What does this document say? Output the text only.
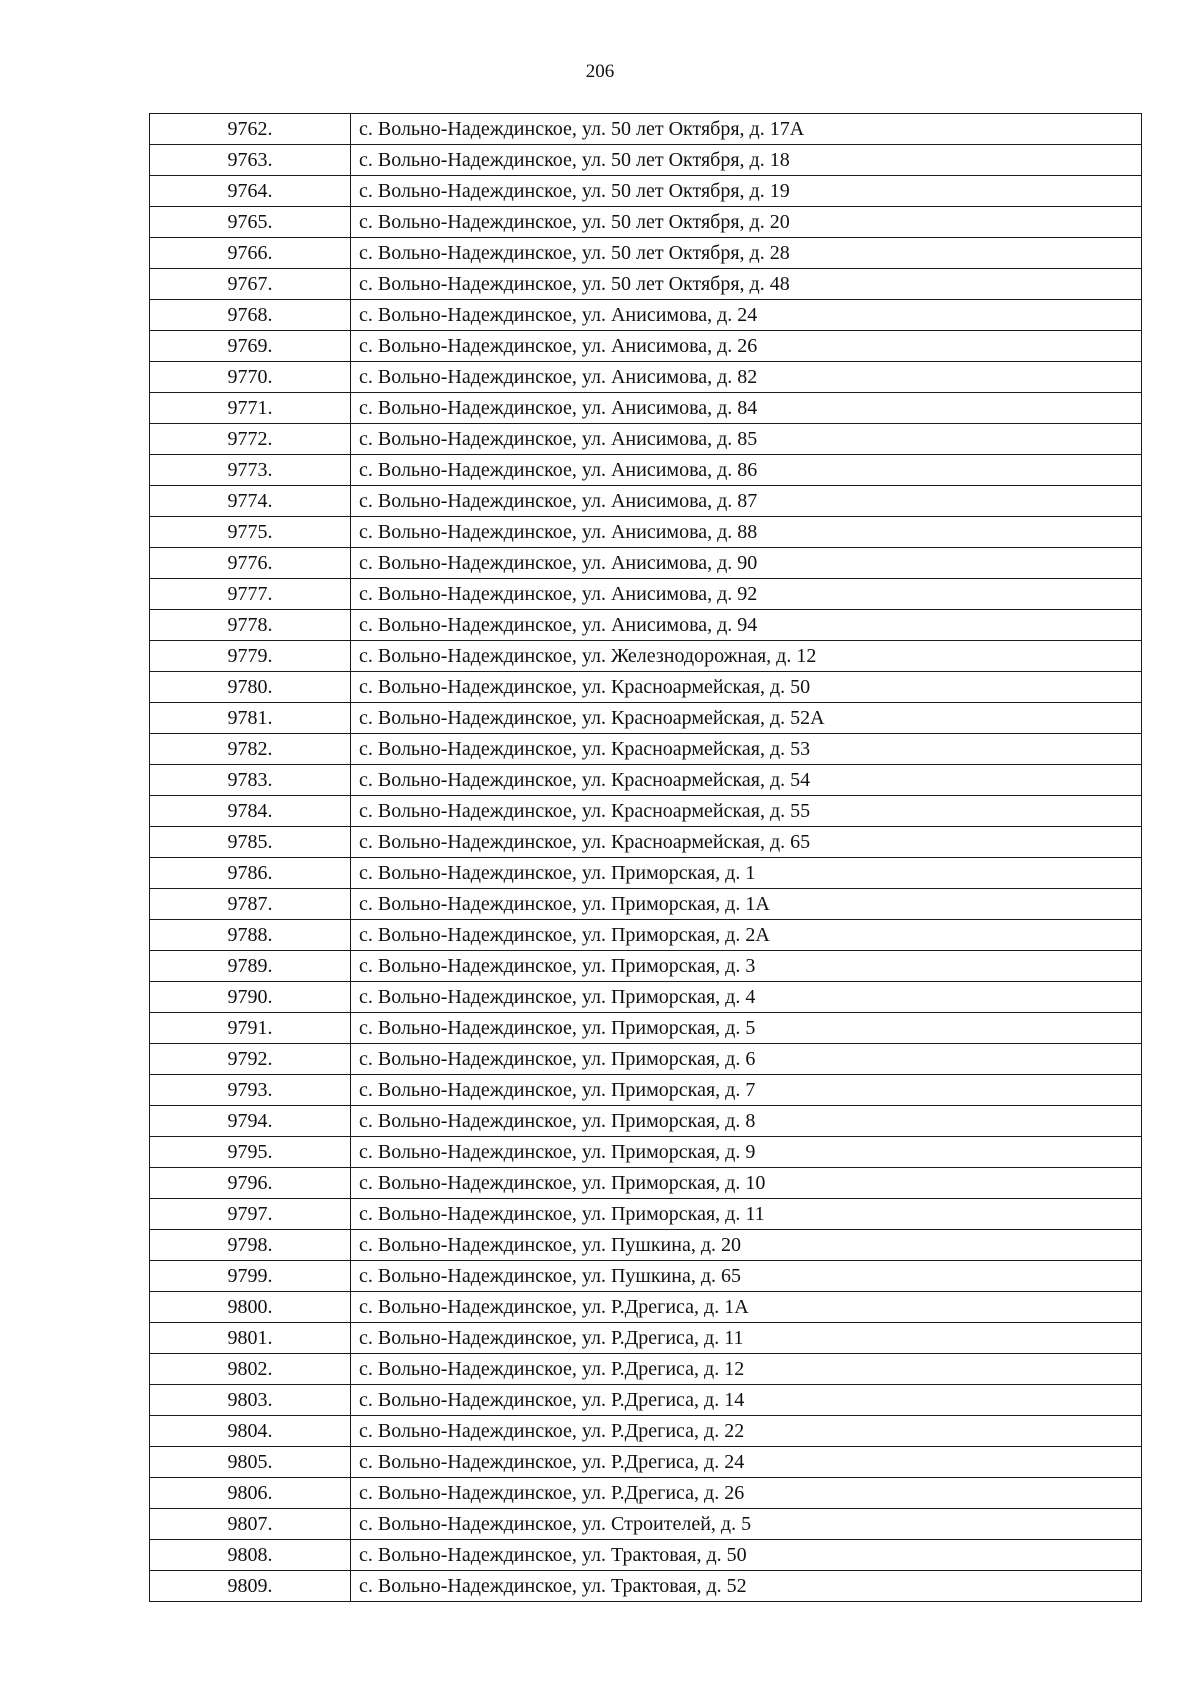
206
9762.	с. Вольно-Надеждинское, ул. 50 лет Октября, д. 17А
9763.	с. Вольно-Надеждинское, ул. 50 лет Октября, д. 18
9764.	с. Вольно-Надеждинское, ул. 50 лет Октября, д. 19
9765.	с. Вольно-Надеждинское, ул. 50 лет Октября, д. 20
9766.	с. Вольно-Надеждинское, ул. 50 лет Октября, д. 28
9767.	с. Вольно-Надеждинское, ул. 50 лет Октября, д. 48
9768.	с. Вольно-Надеждинское, ул. Анисимова, д. 24
9769.	с. Вольно-Надеждинское, ул. Анисимова, д. 26
9770.	с. Вольно-Надеждинское, ул. Анисимова, д. 82
9771.	с. Вольно-Надеждинское, ул. Анисимова, д. 84
9772.	с. Вольно-Надеждинское, ул. Анисимова, д. 85
9773.	с. Вольно-Надеждинское, ул. Анисимова, д. 86
9774.	с. Вольно-Надеждинское, ул. Анисимова, д. 87
9775.	с. Вольно-Надеждинское, ул. Анисимова, д. 88
9776.	с. Вольно-Надеждинское, ул. Анисимова, д. 90
9777.	с. Вольно-Надеждинское, ул. Анисимова, д. 92
9778.	с. Вольно-Надеждинское, ул. Анисимова, д. 94
9779.	с. Вольно-Надеждинское, ул. Железнодорожная, д. 12
9780.	с. Вольно-Надеждинское, ул. Красноармейская, д. 50
9781.	с. Вольно-Надеждинское, ул. Красноармейская, д. 52А
9782.	с. Вольно-Надеждинское, ул. Красноармейская, д. 53
9783.	с. Вольно-Надеждинское, ул. Красноармейская, д. 54
9784.	с. Вольно-Надеждинское, ул. Красноармейская, д. 55
9785.	с. Вольно-Надеждинское, ул. Красноармейская, д. 65
9786.	с. Вольно-Надеждинское, ул. Приморская, д. 1
9787.	с. Вольно-Надеждинское, ул. Приморская, д. 1А
9788.	с. Вольно-Надеждинское, ул. Приморская, д. 2А
9789.	с. Вольно-Надеждинское, ул. Приморская, д. 3
9790.	с. Вольно-Надеждинское, ул. Приморская, д. 4
9791.	с. Вольно-Надеждинское, ул. Приморская, д. 5
9792.	с. Вольно-Надеждинское, ул. Приморская, д. 6
9793.	с. Вольно-Надеждинское, ул. Приморская, д. 7
9794.	с. Вольно-Надеждинское, ул. Приморская, д. 8
9795.	с. Вольно-Надеждинское, ул. Приморская, д. 9
9796.	с. Вольно-Надеждинское, ул. Приморская, д. 10
9797.	с. Вольно-Надеждинское, ул. Приморская, д. 11
9798.	с. Вольно-Надеждинское, ул. Пушкина, д. 20
9799.	с. Вольно-Надеждинское, ул. Пушкина, д. 65
9800.	с. Вольно-Надеждинское, ул. Р.Дрегиса, д. 1А
9801.	с. Вольно-Надеждинское, ул. Р.Дрегиса, д. 11
9802.	с. Вольно-Надеждинское, ул. Р.Дрегиса, д. 12
9803.	с. Вольно-Надеждинское, ул. Р.Дрегиса, д. 14
9804.	с. Вольно-Надеждинское, ул. Р.Дрегиса, д. 22
9805.	с. Вольно-Надеждинское, ул. Р.Дрегиса, д. 24
9806.	с. Вольно-Надеждинское, ул. Р.Дрегиса, д. 26
9807.	с. Вольно-Надеждинское, ул. Строителей, д. 5
9808.	с. Вольно-Надеждинское, ул. Трактовая, д. 50
9809.	с. Вольно-Надеждинское, ул. Трактовая, д. 52
